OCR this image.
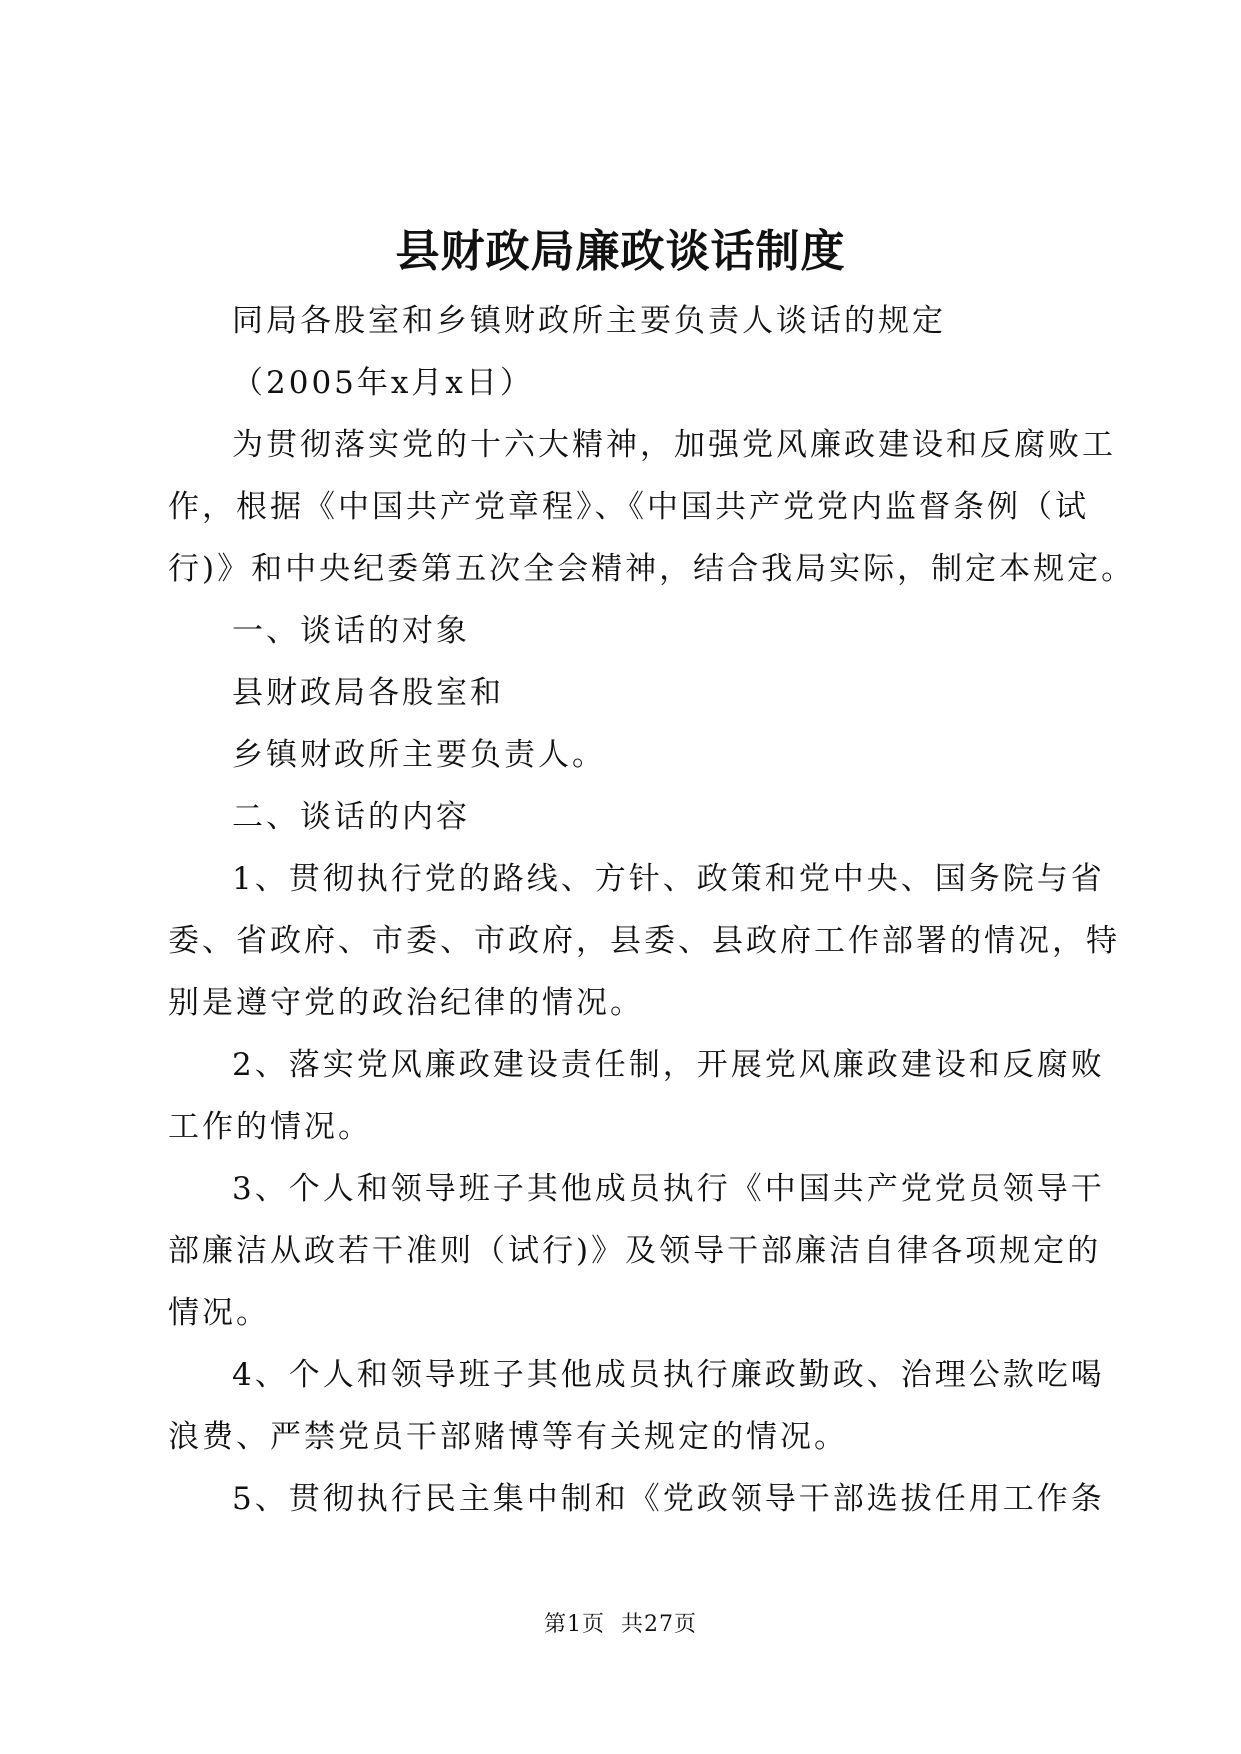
县财政局廉政谈话制度

同局各股室和乡镇财政所主要负责人谈话的规定

（2005年x月x日）

为贯彻落实党的十六大精神，加强党风廉政建设和反腐败工

作，根据《中国共产党章程》、《中国共产党党内监督条例（试

行)》和中央纪委第五次全会精神，结合我局实际，制定本规定。

一、谈话的对象

县财政局各股室和

乡镇财政所主要负责人。

二、谈话的内容

1、贯彻执行党的路线、方针、政策和党中央、国务院与省

委、省政府、市委、市政府，县委、县政府工作部署的情况，特

别是遵守党的政治纪律的情况。

2、落实党风廉政建设责任制，开展党风廉政建设和反腐败

工作的情况。

3、个人和领导班子其他成员执行《中国共产党党员领导干

部廉洁从政若干准则（试行)》及领导干部廉洁自律各项规定的

情况。

4、个人和领导班子其他成员执行廉政勤政、治理公款吃喝

浪费、严禁党员干部赌博等有关规定的情况。

5、贯彻执行民主集中制和《党政领导干部选拔任用工作条

第1页 共27页
